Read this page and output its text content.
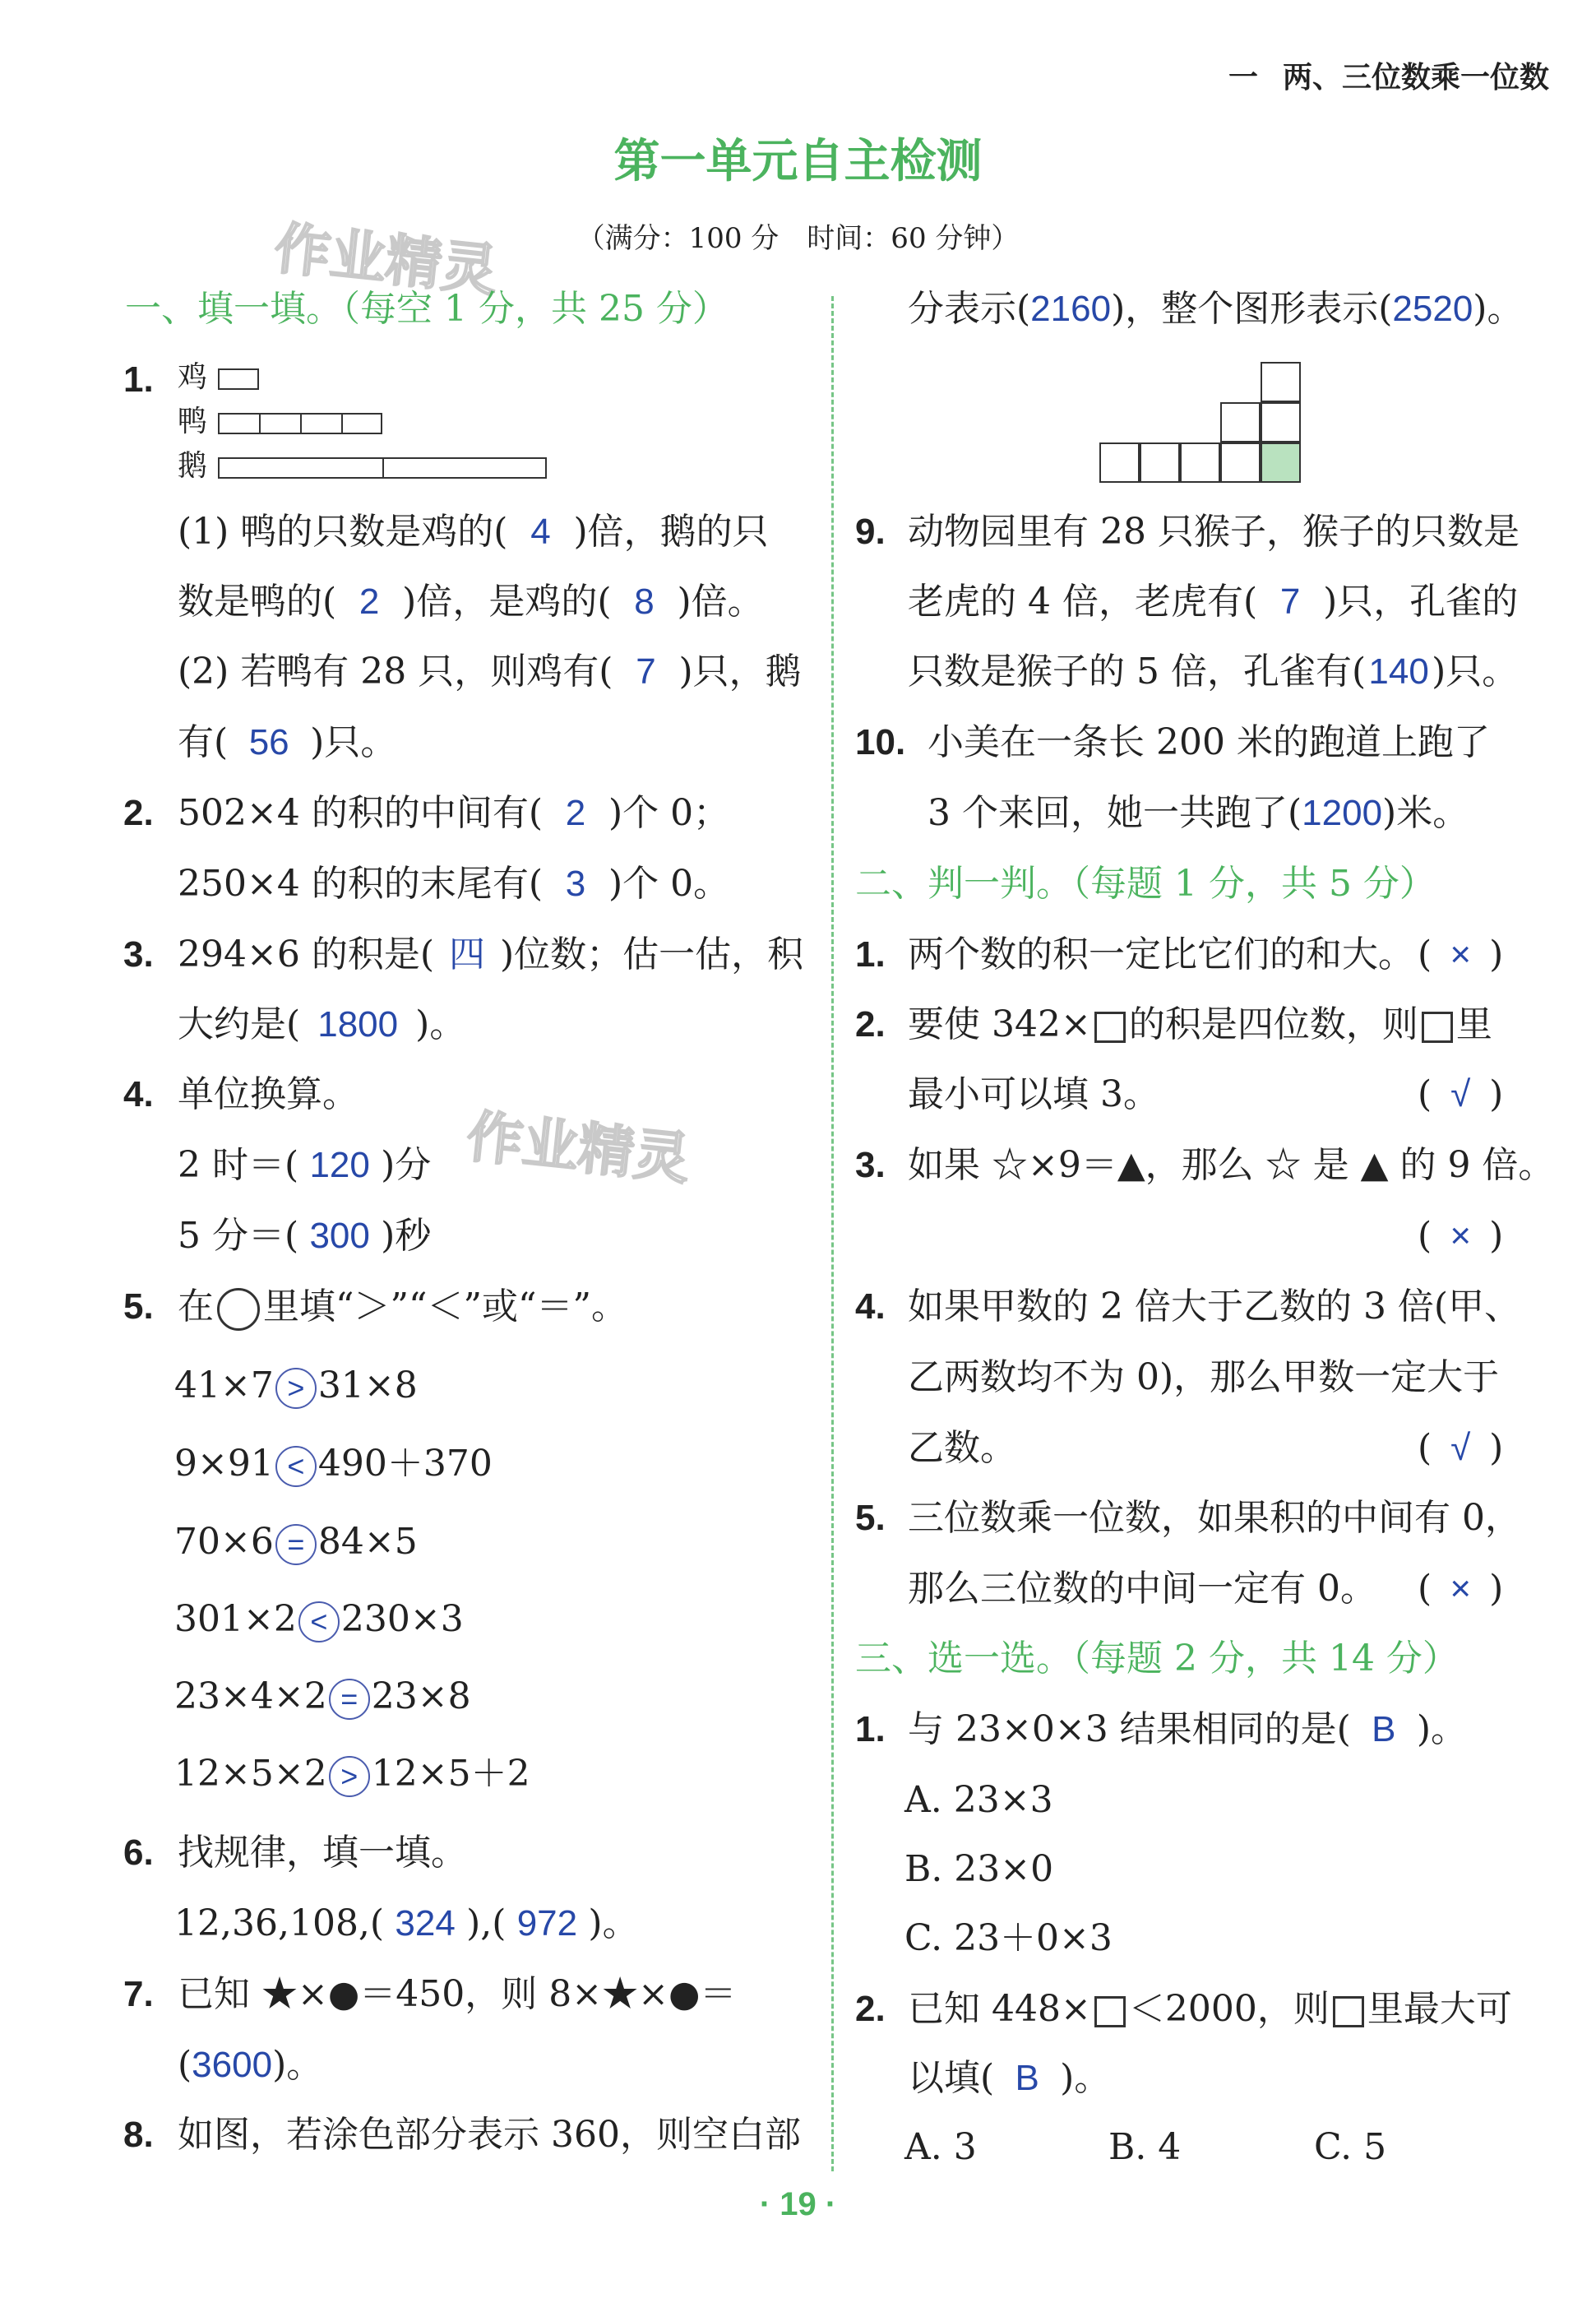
一 两、三位数乘一位数
第一单元自主检测
（满分：100 分　时间：60 分钟）
作业精灵
作业精灵
一、填一填。（每空 1 分，共 25 分）
1. 鸡
鸭
鹅
(1) 鸭的只数是鸡的( 4 )倍，鹅的只
数是鸭的( 2 )倍，是鸡的( 8 )倍。
(2) 若鸭有 28 只，则鸡有( 7 )只，鹅
有( 56 )只。
2. 502×4 的积的中间有( 2 )个 0；
250×4 的积的末尾有( 3 )个 0。
3. 294×6 的积是( 四 )位数；估一估，积
大约是( 1800 )。
4. 单位换算。
2 时＝( 120 )分
5 分＝( 300 )秒
5. 在 里填“＞”“＜”或“＝”。
41×7 > 31×8
9×91 < 490＋370
70×6 = 84×5
301×2 < 230×3
23×4×2 = 23×8
12×5×2 > 12×5＋2
6. 找规律，填一填。
12,36,108,( 324 ),( 972 )。
7. 已知 ★×●＝450，则 8×★×●＝
(3600)。
8. 如图，若涂色部分表示 360，则空白部
分表示(2160)，整个图形表示(2520)。
9. 动物园里有 28 只猴子，猴子的只数是
老虎的 4 倍，老虎有( 7 )只，孔雀的
只数是猴子的 5 倍，孔雀有(140)只。
10. 小美在一条长 200 米的跑道上跑了
3 个来回，她一共跑了(1200)米。
二、判一判。（每题 1 分，共 5 分）
1. 两个数的积一定比它们的和大。 ( × )
2. 要使 342× 的积是四位数，则 里
最小可以填 3。	( √ )
3. 如果 ☆×9＝▲，那么 ☆ 是 ▲ 的 9 倍。
( × )
4. 如果甲数的 2 倍大于乙数的 3 倍(甲、
乙两数均不为 0)，那么甲数一定大于
乙数。	( √ )
5. 三位数乘一位数，如果积的中间有 0，
那么三位数的中间一定有 0。 ( × )
三、选一选。（每题 2 分，共 14 分）
1. 与 23×0×3 结果相同的是( B )。
A. 23×3
B. 23×0
C. 23＋0×3
2. 已知 448× ＜2000，则 里最大可
以填( B )。
A. 3	B. 4	C. 5
· 19 ·
